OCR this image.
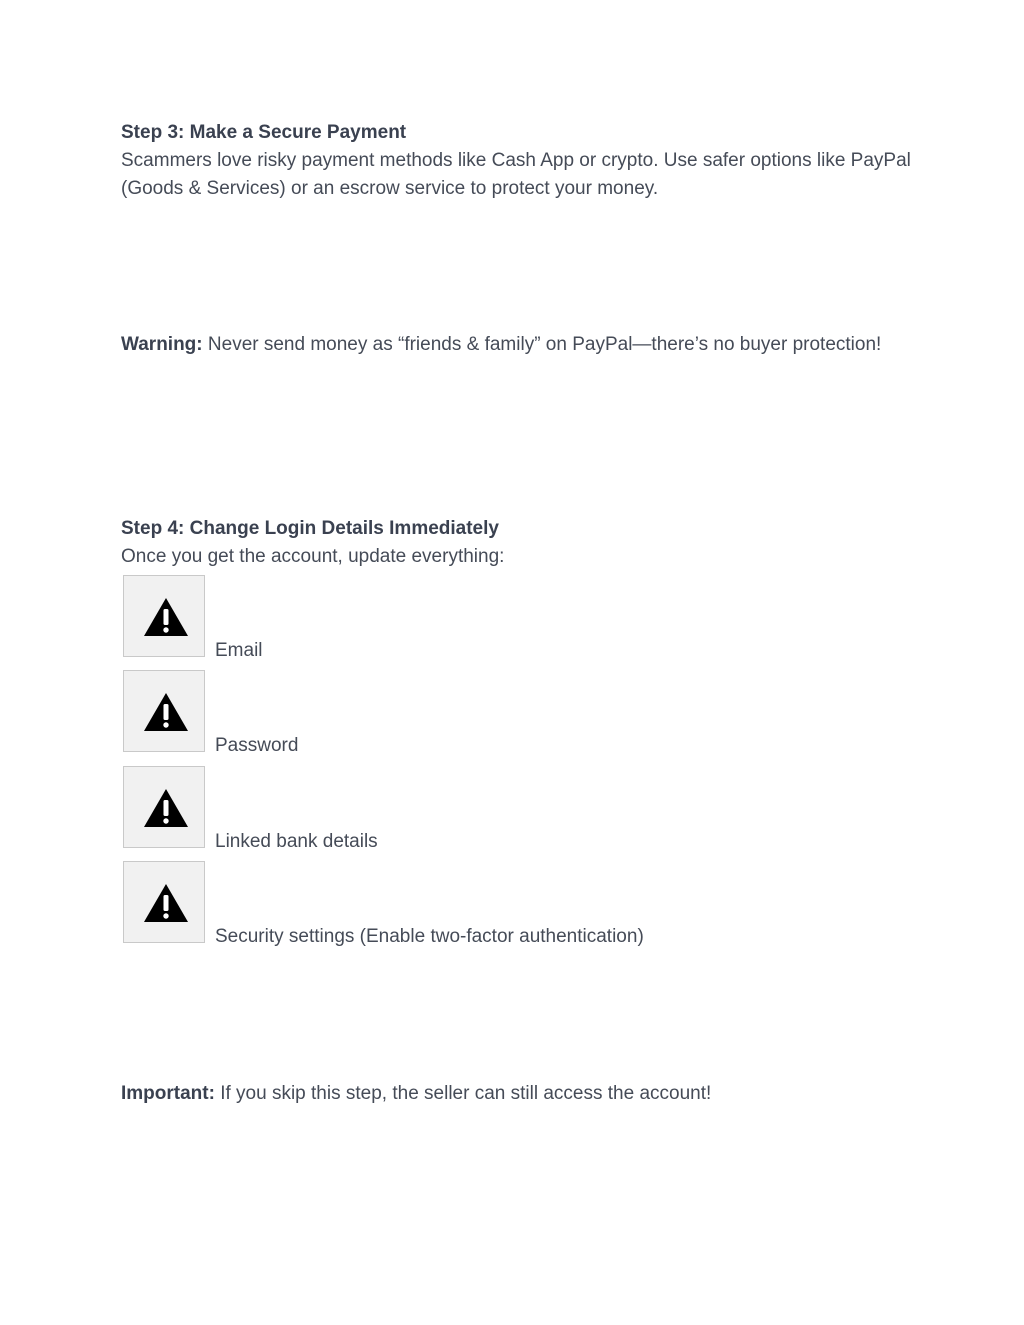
Step 3: Make a Secure Payment
Scammers love risky payment methods like Cash App or crypto. Use safer options like PayPal (Goods & Services) or an escrow service to protect your money.
Warning: Never send money as “friends & family” on PayPal—there’s no buyer protection!
Step 4: Change Login Details Immediately
Once you get the account, update everything:
Email
Password
Linked bank details
Security settings (Enable two-factor authentication)
Important: If you skip this step, the seller can still access the account!
